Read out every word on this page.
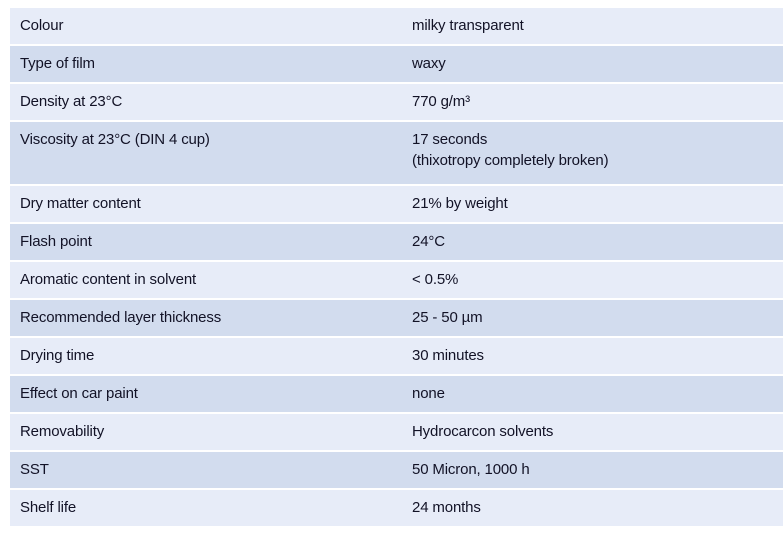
Colour	milky transparent
Type of film	waxy
Density at 23°C	770 g/m³
Viscosity at 23°C (DIN 4 cup)	17 seconds
(thixotropy completely broken)
Dry matter content	21% by weight
Flash point	24°C
Aromatic content in solvent	< 0.5%
Recommended layer thickness	25 - 50 µm
Drying time	30 minutes
Effect on car paint	none
Removability	Hydrocarcon solvents
SST	50 Micron, 1000 h
Shelf life	24 months
